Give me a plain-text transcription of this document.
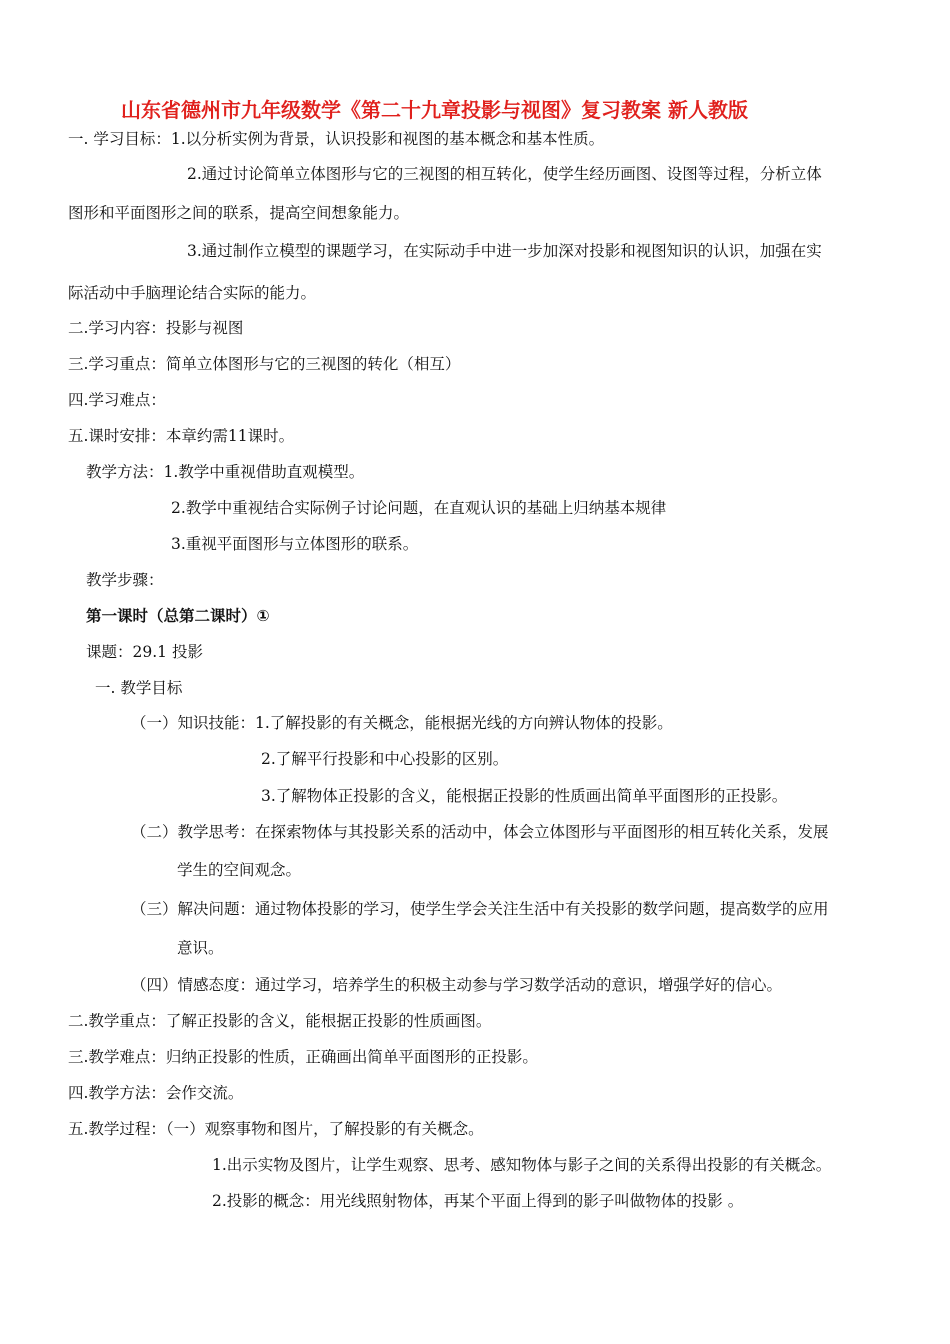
山东省德州市九年级数学《第二十九章投影与视图》复习教案 新人教版
一. 学习目标：1.以分析实例为背景，认识投影和视图的基本概念和基本性质。
2.通过讨论简单立体图形与它的三视图的相互转化，使学生经历画图、设图等过程，分析立体
图形和平面图形之间的联系，提高空间想象能力。
3.通过制作立模型的课题学习，在实际动手中进一步加深对投影和视图知识的认识，加强在实
际活动中手脑理论结合实际的能力。
二.学习内容：投影与视图
三.学习重点：简单立体图形与它的三视图的转化（相互）
四.学习难点：
五.课时安排：本章约需11课时。
教学方法：1.教学中重视借助直观模型。
2.教学中重视结合实际例子讨论问题，在直观认识的基础上归纳基本规律
3.重视平面图形与立体图形的联系。
教学步骤：
第一课时（总第二课时）①
课题：29.1 投影
一. 教学目标
（一）知识技能：1.了解投影的有关概念，能根据光线的方向辨认物体的投影。
2.了解平行投影和中心投影的区别。
3.了解物体正投影的含义，能根据正投影的性质画出简单平面图形的正投影。
（二）教学思考：在探索物体与其投影关系的活动中，体会立体图形与平面图形的相互转化关系，发展
学生的空间观念。
（三）解决问题：通过物体投影的学习，使学生学会关注生活中有关投影的数学问题，提高数学的应用
意识。
（四）情感态度：通过学习，培养学生的积极主动参与学习数学活动的意识，增强学好的信心。
二.教学重点：了解正投影的含义，能根据正投影的性质画图。
三.教学难点：归纳正投影的性质，正确画出简单平面图形的正投影。
四.教学方法：会作交流。
五.教学过程：（一）观察事物和图片，了解投影的有关概念。
1.出示实物及图片，让学生观察、思考、感知物体与影子之间的关系得出投影的有关概念。
2.投影的概念：用光线照射物体，再某个平面上得到的影子叫做物体的投影 。
